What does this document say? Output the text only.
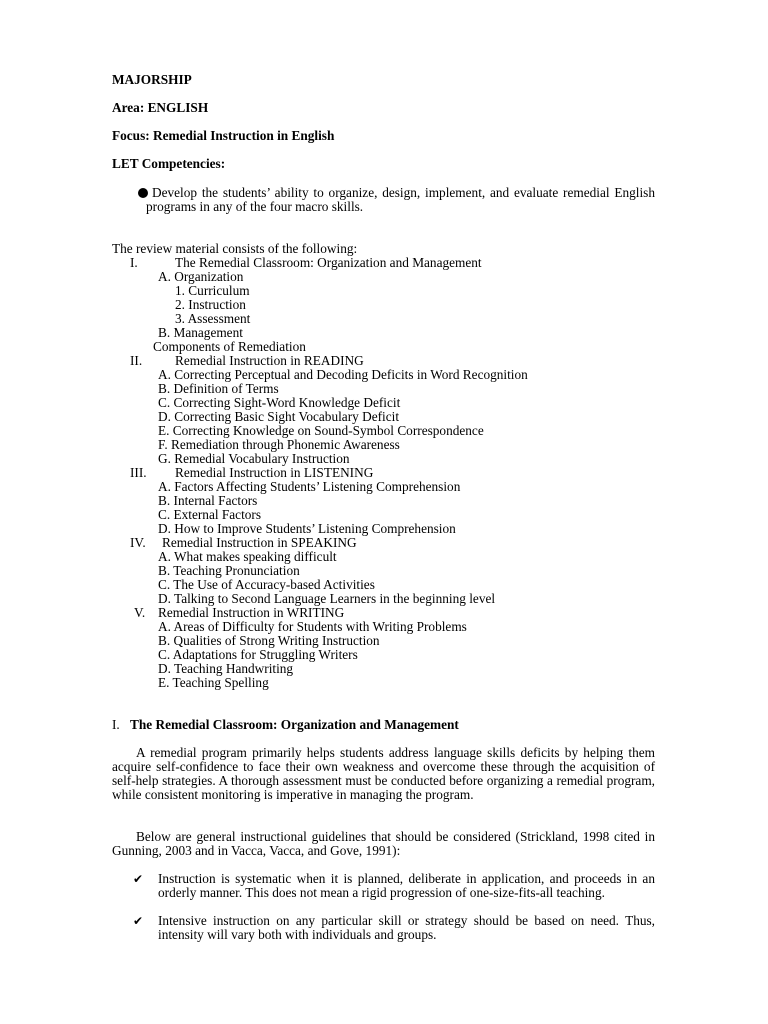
MAJORSHIP
Area: ENGLISH
Focus: Remedial Instruction in English
LET Competencies:

Develop the students’ ability to organize, design, implement, and evaluate remedial English programs in any of the four macro skills.

The review material consists of the following:
I.	The Remedial Classroom: Organization and Management
A. Organization
1. Curriculum
2. Instruction
3. Assessment
B. Management
Components of Remediation
II. Remedial Instruction in READING
A. Correcting Perceptual and Decoding Deficits in Word Recognition
B. Definition of Terms
C. Correcting Sight-Word Knowledge Deficit
D. Correcting Basic Sight Vocabulary Deficit
E. Correcting Knowledge on Sound-Symbol Correspondence
F. Remediation through Phonemic Awareness
G. Remedial Vocabulary Instruction
III. Remedial Instruction in LISTENING
A. Factors Affecting Students’ Listening Comprehension
B. Internal Factors
C. External Factors
D. How to Improve Students’ Listening Comprehension
IV. Remedial Instruction in SPEAKING
A. What makes speaking difficult
B. Teaching Pronunciation
C. The Use of Accuracy-based Activities
D. Talking to Second Language Learners in the beginning level
V. Remedial Instruction in WRITING
A. Areas of Difficulty for Students with Writing Problems
B. Qualities of Strong Writing Instruction
C. Adaptations for Struggling Writers
D. Teaching Handwriting
E. Teaching Spelling
I. The Remedial Classroom: Organization and Management

A remedial program primarily helps students address language skills deficits by helping them acquire self-confidence to face their own weakness and overcome these through the acquisition of self-help strategies. A thorough assessment must be conducted before organizing a remedial program, while consistent monitoring is imperative in managing the program.

Below are general instructional guidelines that should be considered (Strickland, 1998 cited in Gunning, 2003 and in Vacca, Vacca, and Gove, 1991):

✔ Instruction is systematic when it is planned, deliberate in application, and proceeds in an orderly manner. This does not mean a rigid progression of one-size-fits-all teaching.

✔ Intensive instruction on any particular skill or strategy should be based on need. Thus, intensity will vary both with individuals and groups.
